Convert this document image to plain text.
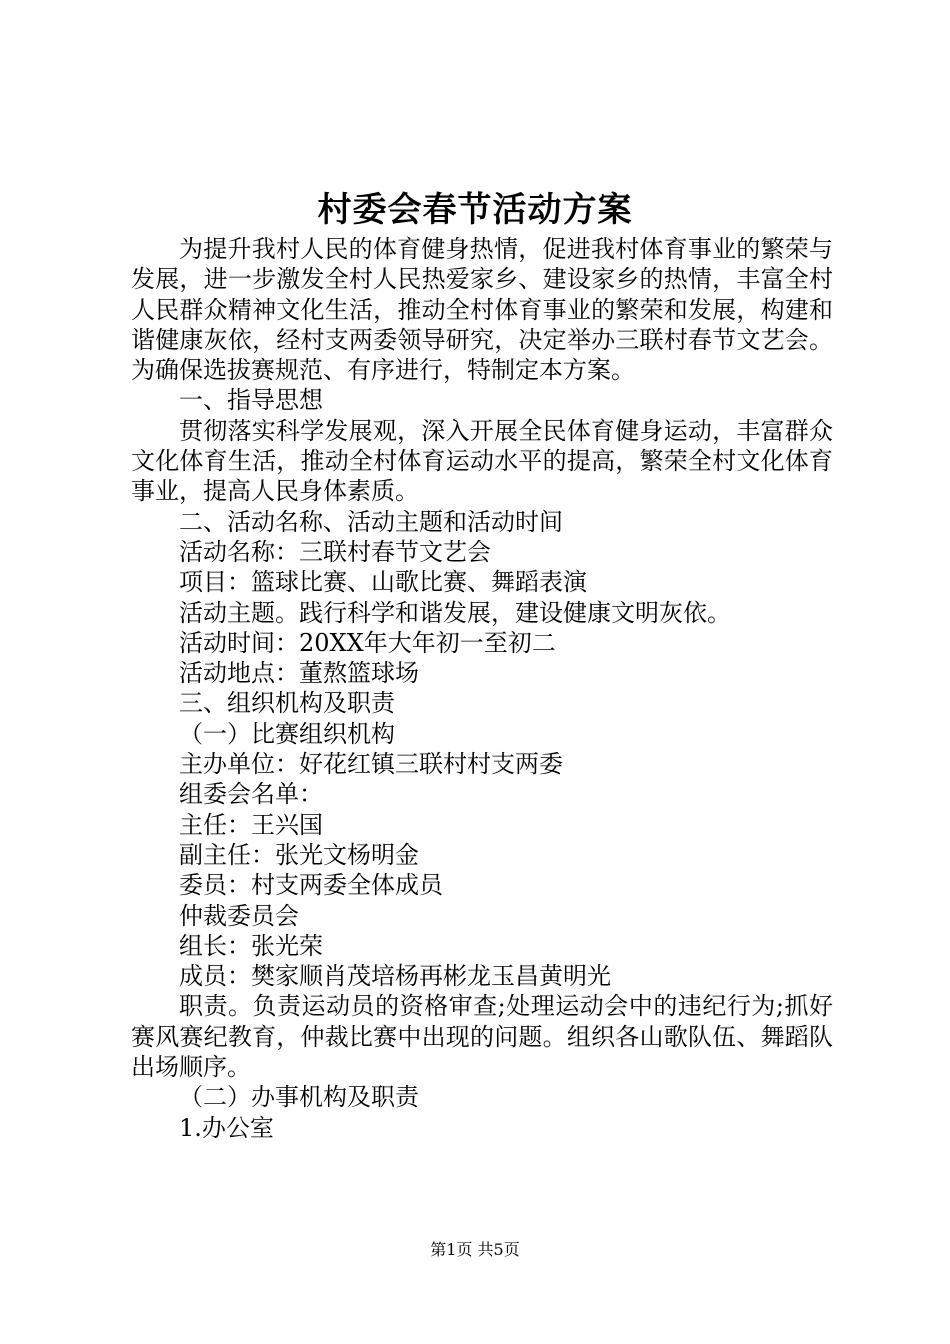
村委会春节活动方案

为提升我村人民的体育健身热情，促进我村体育事业的繁荣与发展，进一步激发全村人民热爱家乡、建设家乡的热情，丰富全村人民群众精神文化生活，推动全村体育事业的繁荣和发展，构建和谐健康灰依，经村支两委领导研究，决定举办三联村春节文艺会。为确保选拔赛规范、有序进行，特制定本方案。

一、指导思想

贯彻落实科学发展观，深入开展全民体育健身运动，丰富群众文化体育生活，推动全村体育运动水平的提高，繁荣全村文化体育事业，提高人民身体素质。

二、活动名称、活动主题和活动时间

活动名称：三联村春节文艺会

项目：篮球比赛、山歌比赛、舞蹈表演

活动主题。践行科学和谐发展，建设健康文明灰依。

活动时间：20XX年大年初一至初二

活动地点：董熬篮球场

三、组织机构及职责

（一）比赛组织机构

主办单位：好花红镇三联村村支两委

组委会名单：

主任：王兴国

副主任：张光文杨明金

委员：村支两委全体成员

仲裁委员会

组长：张光荣

成员：樊家顺肖茂培杨再彬龙玉昌黄明光

职责。负责运动员的资格审查;处理运动会中的违纪行为;抓好赛风赛纪教育，仲裁比赛中出现的问题。组织各山歌队伍、舞蹈队出场顺序。

（二）办事机构及职责

1.办公室

第1页 共5页
